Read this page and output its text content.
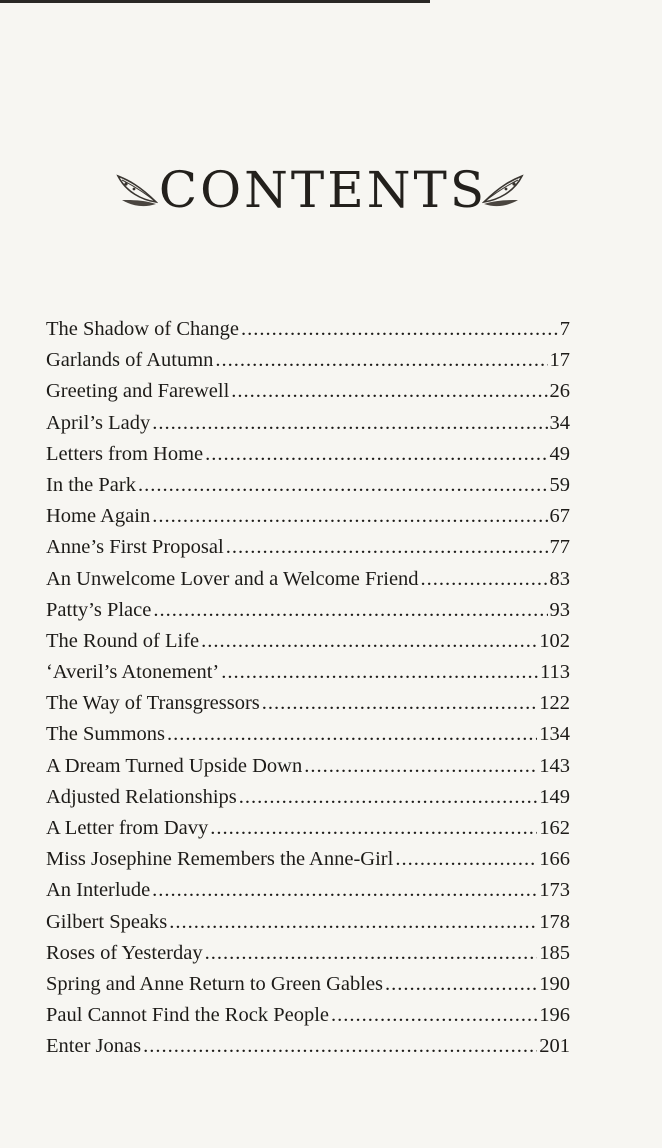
CONTENTS
The Shadow of Change .....	7
Garlands of Autumn .....	17
Greeting and Farewell .....	26
April’s Lady .....	34
Letters from Home .....	49
In the Park .....	59
Home Again .....	67
Anne’s First Proposal .....	77
An Unwelcome Lover and a Welcome Friend .....	83
Patty’s Place .....	93
The Round of Life .....	102
‘Averil’s Atonement’ .....	113
The Way of Transgressors .....	122
The Summons .....	134
A Dream Turned Upside Down .....	143
Adjusted Relationships .....	149
A Letter from Davy .....	162
Miss Josephine Remembers the Anne-Girl .....	166
An Interlude .....	173
Gilbert Speaks .....	178
Roses of Yesterday .....	185
Spring and Anne Return to Green Gables .....	190
Paul Cannot Find the Rock People .....	196
Enter Jonas .....	201
